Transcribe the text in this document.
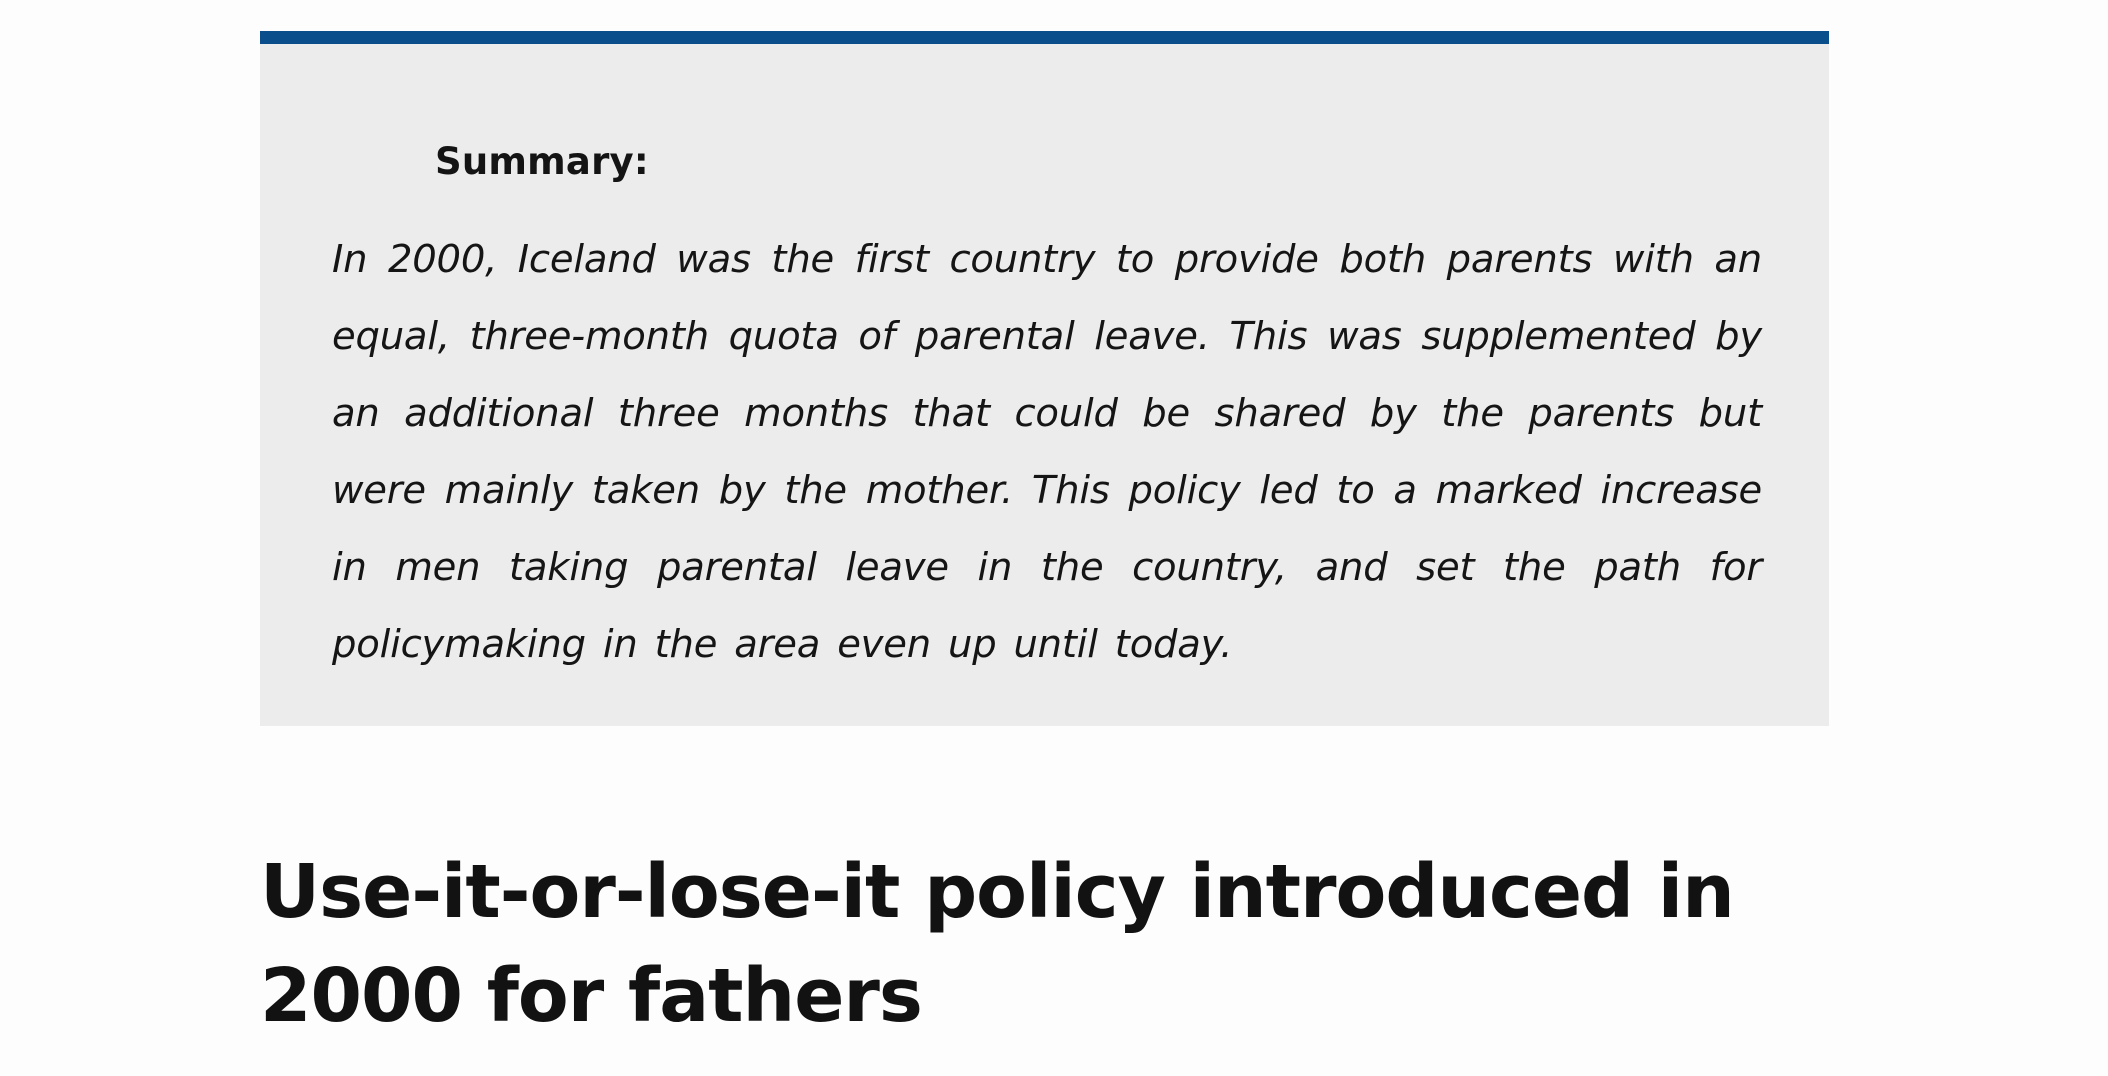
Summary:

In 2000, Iceland was the first country to provide both parents with an equal, three-month quota of parental leave. This was supplemented by an additional three months that could be shared by the parents but were mainly taken by the mother. This policy led to a marked increase in men taking parental leave in the country, and set the path for policymaking in the area even up until today.

Use-it-or-lose-it policy introduced in 2000 for fathers
